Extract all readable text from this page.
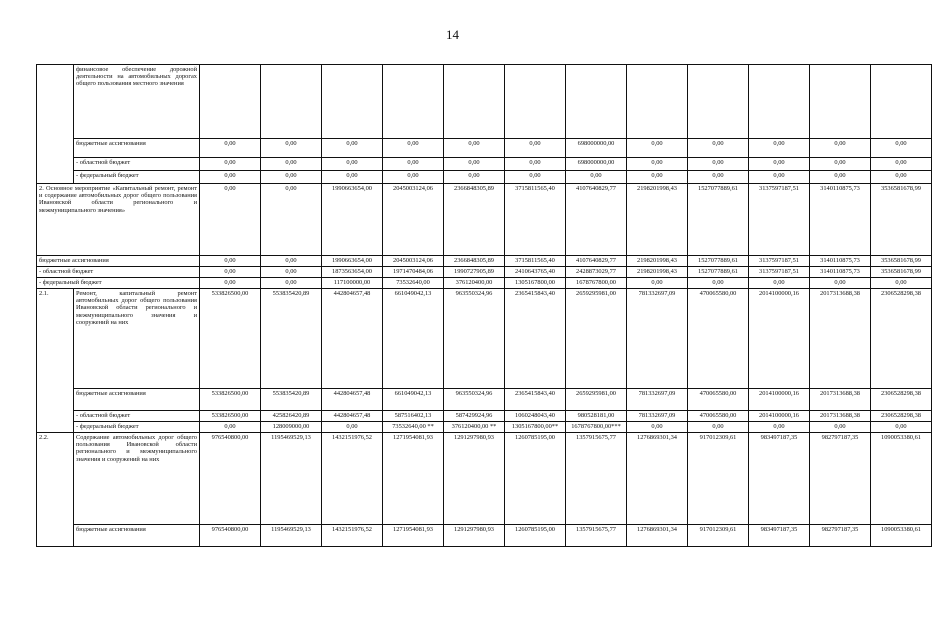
14
	финансовое обеспечение дорожной деятельности на автомобильных дорогах общего пользования местного значения												
	бюджетные ассигнования	0,00	0,00	0,00	0,00	0,00	0,00	698000000,00	0,00	0,00	0,00	0,00	0,00
	- областной бюджет	0,00	0,00	0,00	0,00	0,00	0,00	698000000,00	0,00	0,00	0,00	0,00	0,00
	- федеральный бюджет	0,00	0,00	0,00	0,00	0,00	0,00	0,00	0,00	0,00	0,00	0,00	0,00
2. Основное мероприятие «Капитальный ремонт, ремонт и содержание автомобильных дорог общего пользования Ивановской области регионального и межмуниципального значения»		0,00	0,00	1990663654,00	2045003124,06	2366848305,89	3715811565,40	4107640829,77	2198201998,43	1527077889,61	3137597187,51	3140110875,73	3536581678,99
бюджетные ассигнования		0,00	0,00	1990663654,00	2045003124,06	2366848305,89	3715811565,40	4107640829,77	2198201998,43	1527077889,61	3137597187,51	3140110875,73	3536581678,99
- областной бюджет		0,00	0,00	1873563654,00	1971470484,06	1990727905,89	2410643765,40	2428873029,77	2198201998,43	1527077889,61	3137597187,51	3140110875,73	3536581678,99
- федеральный бюджет		0,00	0,00	117100000,00	73532640,00	376120400,00	1305167800,00	1678767800,00	0,00	0,00	0,00	0,00	0,00
2.1.	Ремонт, капитальный ремонт автомобильных дорог общего пользования Ивановской области регионального и межмуниципального значения и сооружений на них	533826500,00	553835420,89	442804657,48	661049042,13	963550324,96	2365415843,40	2659295981,00	781332697,09	470065580,00	2014100000,16	2017313688,38	2306528298,38
	бюджетные ассигнования	533826500,00	553835420,89	442804657,48	661049042,13	963550324,96	2365415843,40	2659295981,00	781332697,09	470065580,00	2014100000,16	2017313688,38	2306528298,38
	- областной бюджет	533826500,00	425826420,89	442804657,48	587516402,13	587429924,96	1060248043,40	980528181,00	781332697,09	470065580,00	2014100000,16	2017313688,38	2306528298,38
	- федеральный бюджет	0,00	128009000,00	0,00	73532640,00 **	376120400,00 **	1305167800,00**	1678767800,00***	0,00	0,00	0,00	0,00	0,00
2.2.	Содержание автомобильных дорог общего пользования Ивановской области регионального и межмуниципального значения и сооружений на них	976540800,00	1195469529,13	1432151976,52	1271954081,93	1291297980,93	1260785195,00	1357915675,77	1276869301,34	917012309,61	983497187,35	982797187,35	1090053380,61
	бюджетные ассигнования	976540800,00	1195469529,13	1432151976,52	1271954081,93	1291297980,93	1260785195,00	1357915675,77	1276869301,34	917012309,61	983497187,35	982797187,35	1090053380,61
